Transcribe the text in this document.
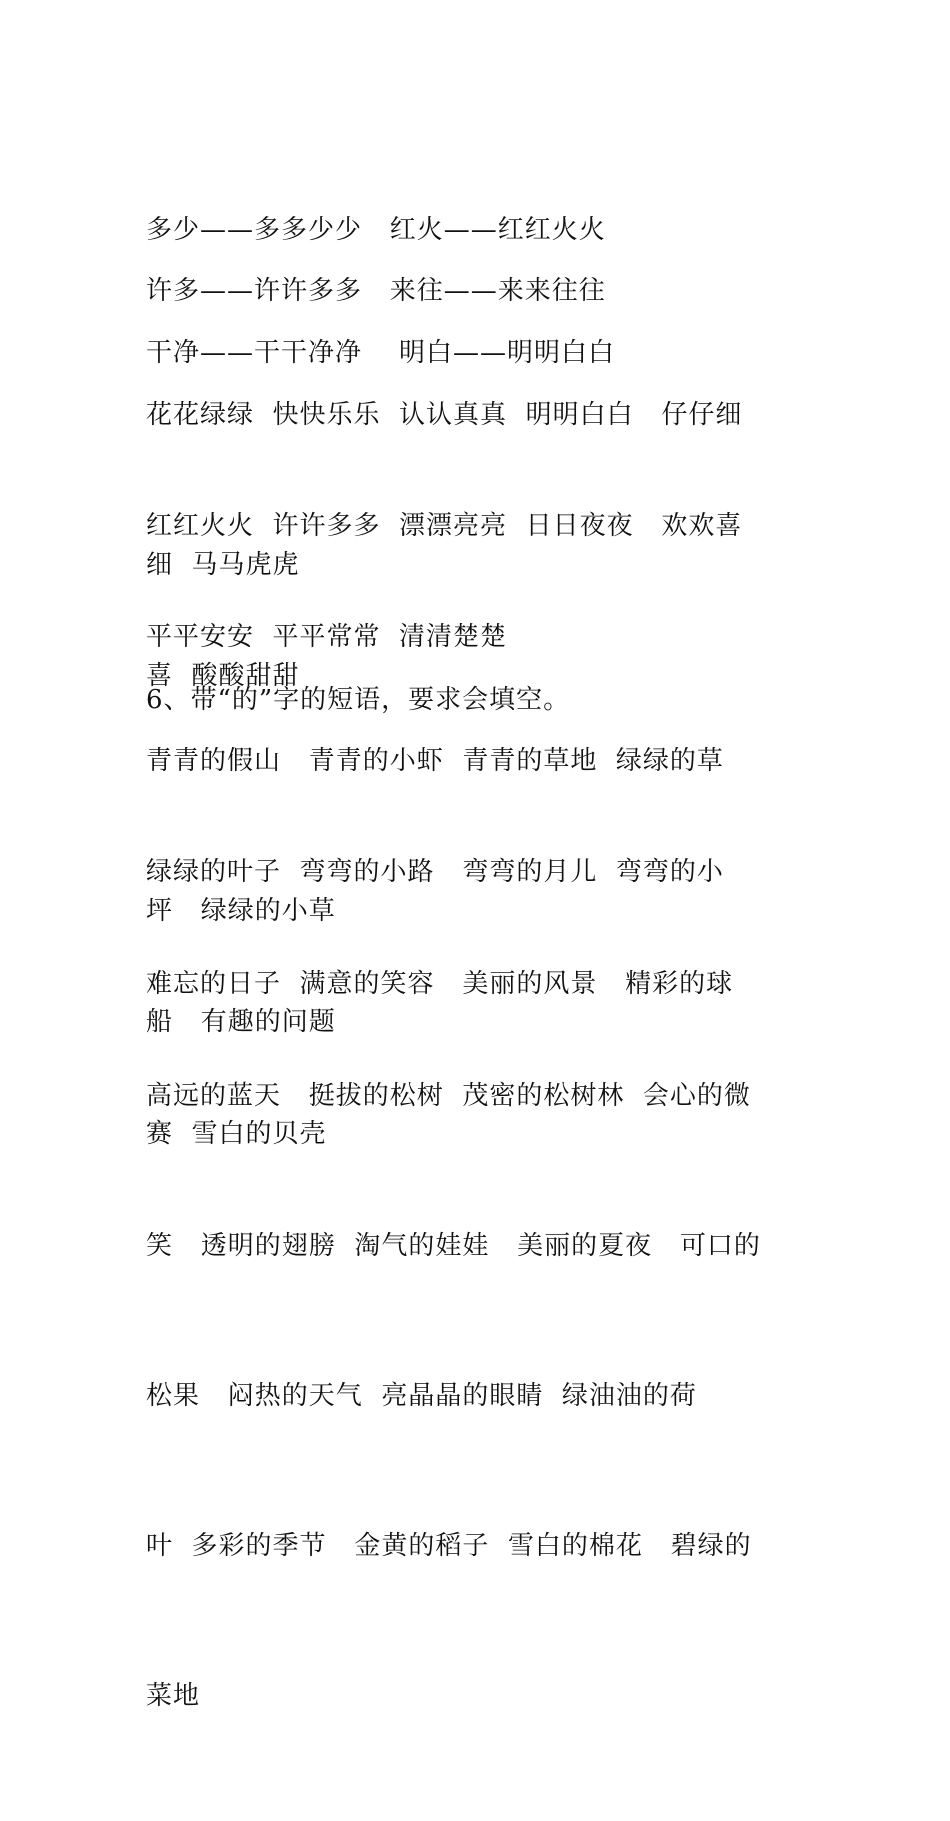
多少——多多少少   红火——红红火火

许多——许许多多   来往——来来往往

干净——干干净净    明白——明明白白

花花绿绿  快快乐乐  认认真真  明明白白   仔仔细

细  马马虎虎

红红火火  许许多多  漂漂亮亮  日日夜夜   欢欢喜

喜  酸酸甜甜

平平安安  平平常常  清清楚楚

6、带“的”字的短语，要求会填空。

青青的假山   青青的小虾  青青的草地  绿绿的草

坪   绿绿的小草

绿绿的叶子  弯弯的小路   弯弯的月儿  弯弯的小

船   有趣的问题

难忘的日子  满意的笑容   美丽的风景   精彩的球

赛  雪白的贝壳

高远的蓝天   挺拔的松树  茂密的松树林  会心的微

笑   透明的翅膀  淘气的娃娃   美丽的夏夜   可口的

松果   闷热的天气  亮晶晶的眼睛  绿油油的荷

叶  多彩的季节   金黄的稻子  雪白的棉花   碧绿的

菜地
